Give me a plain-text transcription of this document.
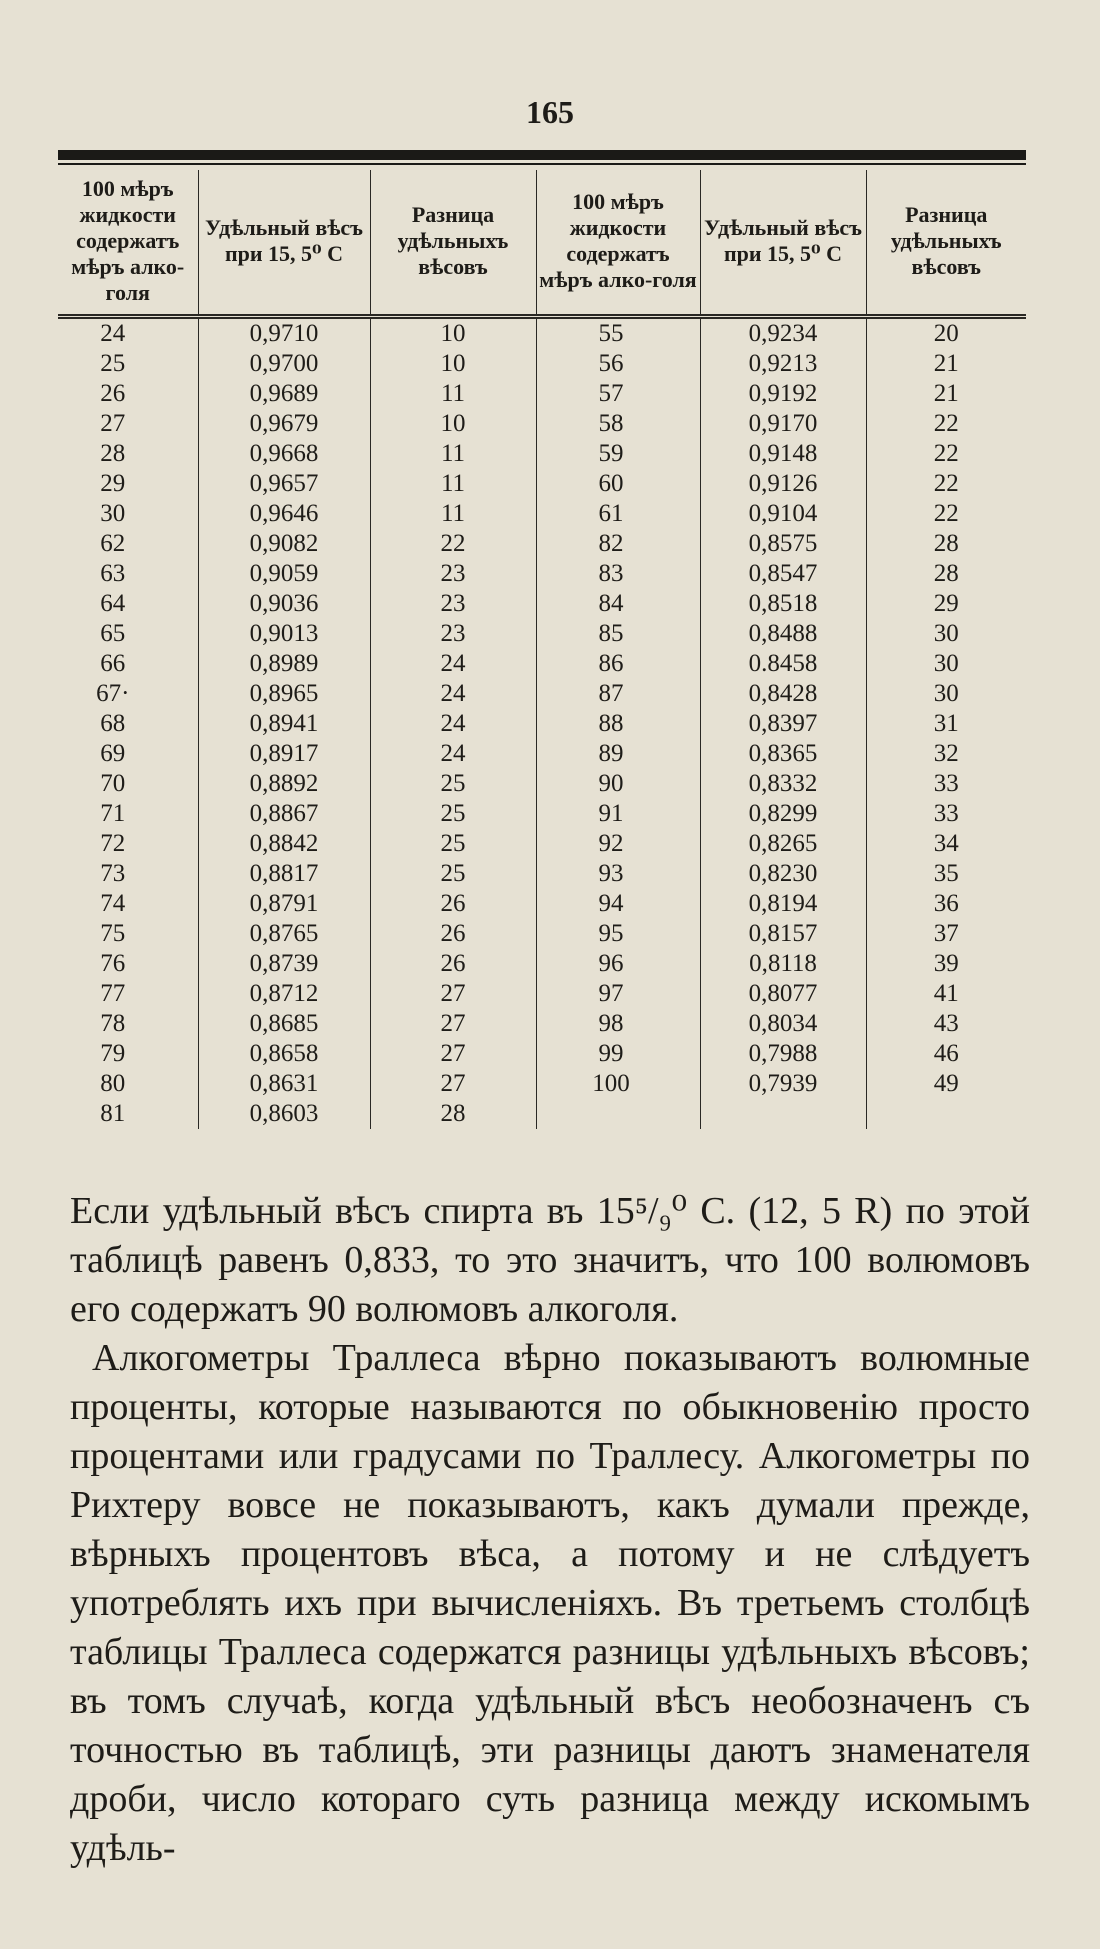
165
100 мѣръ жидкости содержатъ мѣръ алко-голя	Удѣльный вѣсъ при 15, 5⁰ C	Разница удѣльныхъ вѣсовъ	100 мѣръ жидкости содержатъ мѣръ алко-голя	Удѣльный вѣсъ при 15, 5⁰ C	Разница удѣльныхъ вѣсовъ
24	0,9710	10	55	0,9234	20
25	0,9700	10	56	0,9213	21
26	0,9689	11	57	0,9192	21
27	0,9679	10	58	0,9170	22
28	0,9668	11	59	0,9148	22
29	0,9657	11	60	0,9126	22
30	0,9646	11	61	0,9104	22
62	0,9082	22	82	0,8575	28
63	0,9059	23	83	0,8547	28
64	0,9036	23	84	0,8518	29
65	0,9013	23	85	0,8488	30
66	0,8989	24	86	0.8458	30
67·	0,8965	24	87	0,8428	30
68	0,8941	24	88	0,8397	31
69	0,8917	24	89	0,8365	32
70	0,8892	25	90	0,8332	33
71	0,8867	25	91	0,8299	33
72	0,8842	25	92	0,8265	34
73	0,8817	25	93	0,8230	35
74	0,8791	26	94	0,8194	36
75	0,8765	26	95	0,8157	37
76	0,8739	26	96	0,8118	39
77	0,8712	27	97	0,8077	41
78	0,8685	27	98	0,8034	43
79	0,8658	27	99	0,7988	46
80	0,8631	27	100	0,7939	49
81	0,8603	28			

Если удѣльный вѣсъ спирта въ 15⁵/₉⁰ С. (12, 5 R) по этой таблицѣ равенъ 0,833, то это значитъ, что 100 волюмовъ его содержатъ 90 волюмовъ алкоголя.

Алкогометры Траллеса вѣрно показываютъ волюмные проценты, которые называются по обыкновенію просто процентами или градусами по Траллесу. Алкогометры по Рихтеру вовсе не показываютъ, какъ думали прежде, вѣрныхъ процентовъ вѣса, а потому и не слѣдуетъ употреблять ихъ при вычисленіяхъ. Въ третьемъ столбцѣ таблицы Траллеса содержатся разницы удѣльныхъ вѣсовъ; въ томъ случаѣ, когда удѣльный вѣсъ необозначенъ съ точностью въ таблицѣ, эти разницы даютъ знаменателя дроби, число котораго суть разница между искомымъ удѣль-
